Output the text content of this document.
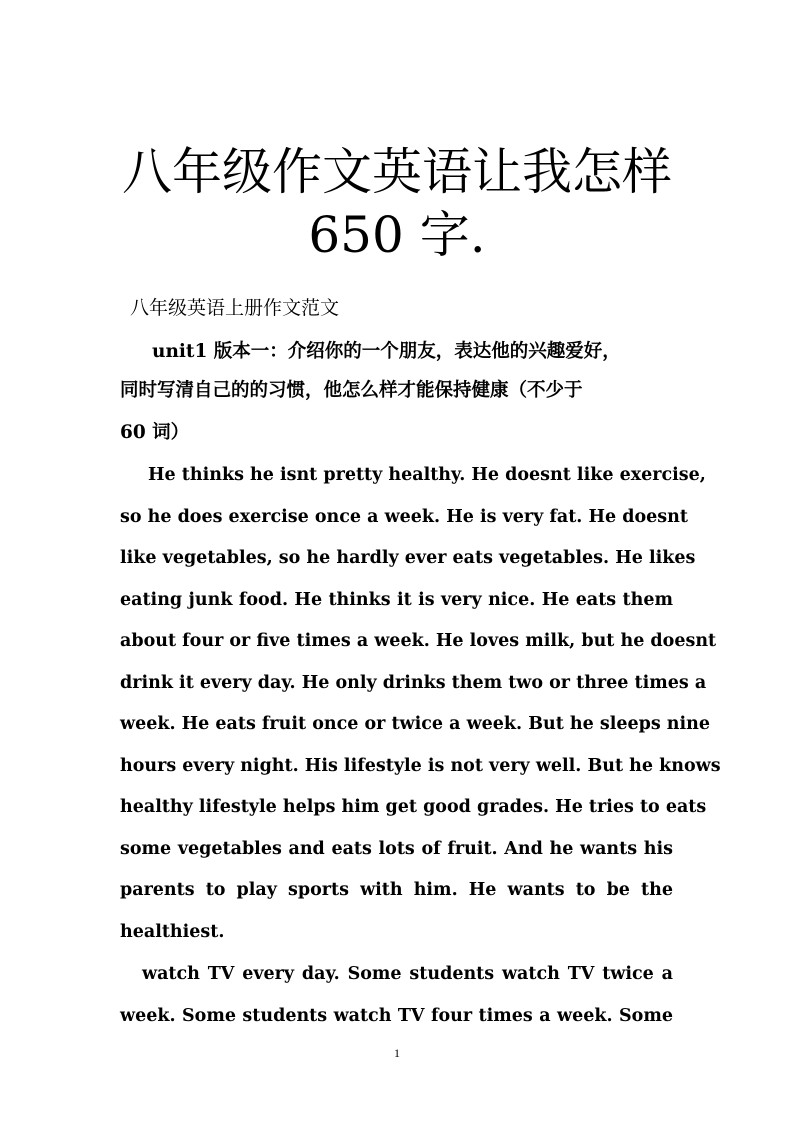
八年级作文英语让我怎样
650 字.
八年级英语上册作文范文
unit1 版本一：介绍你的一个朋友，表达他的兴趣爱好，
同时写清自己的的习惯，他怎么样才能保持健康（不少于
60 词）
He thinks he isnt pretty healthy. He doesnt like exercise,
so he does exercise once a week. He is very fat. He doesnt
like vegetables, so he hardly ever eats vegetables. He likes
eating junk food. He thinks it is very nice. He eats them
about four or five times a week. He loves milk, but he doesnt
drink it every day. He only drinks them two or three times a
week. He eats fruit once or twice a week. But he sleeps nine
hours every night. His lifestyle is not very well. But he knows
healthy lifestyle helps him get good grades. He tries to eats
some vegetables and eats lots of fruit. And he wants his
parents to play sports with him. He wants to be the
healthiest.
watch TV every day. Some students watch TV twice a
week. Some students watch TV four times a week. Some
1
